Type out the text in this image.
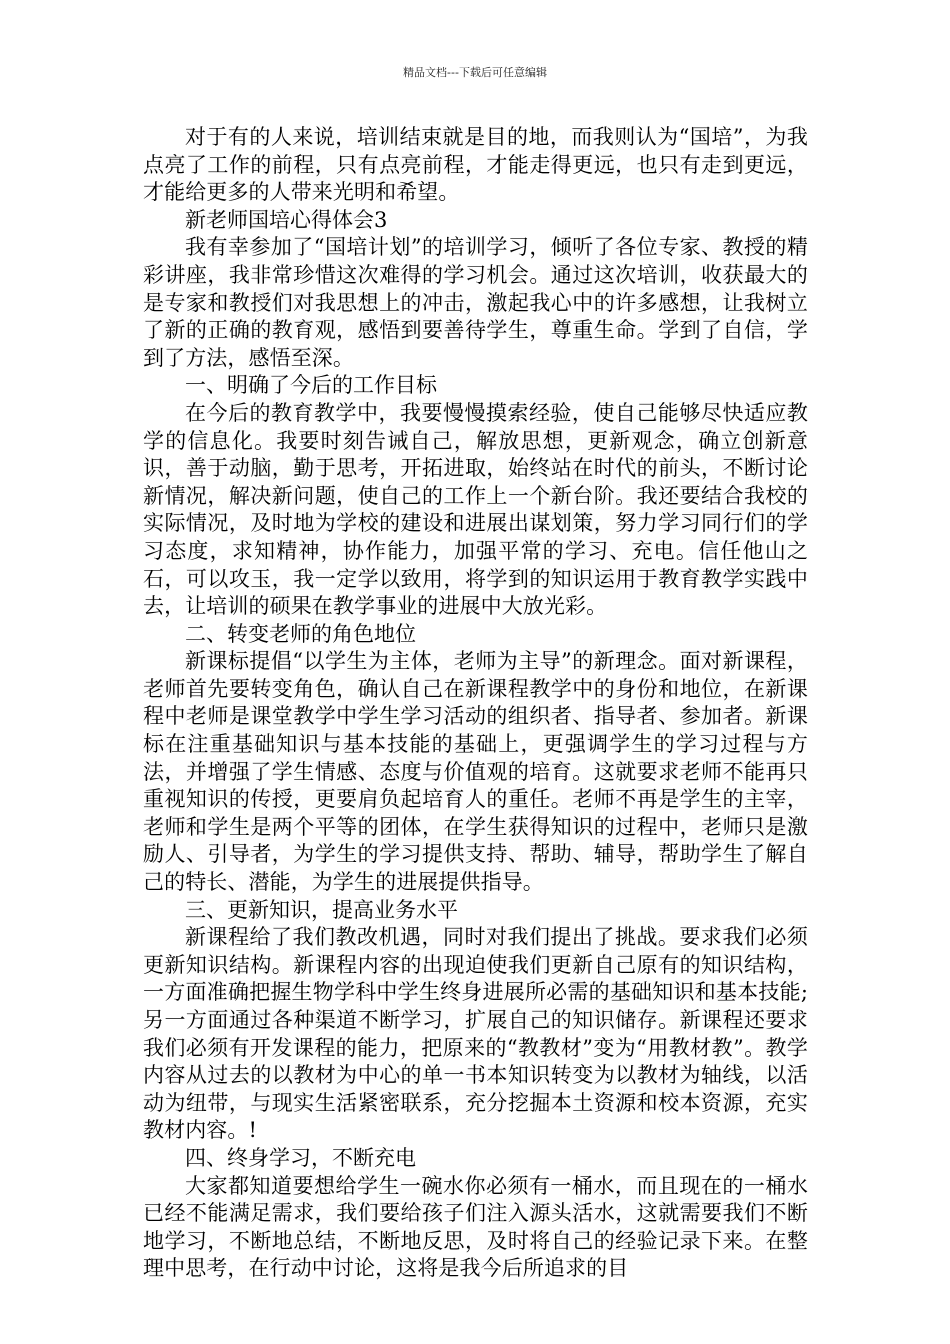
精品文档---下载后可任意编辑

对于有的人来说，培训结束就是目的地，而我则认为“国培”，为我点亮了工作的前程，只有点亮前程，才能走得更远，也只有走到更远，才能给更多的人带来光明和希望。

新老师国培心得体会3

我有幸参加了“国培计划”的培训学习，倾听了各位专家、教授的精彩讲座，我非常珍惜这次难得的学习机会。通过这次培训，收获最大的是专家和教授们对我思想上的冲击，激起我心中的许多感想，让我树立了新的正确的教育观，感悟到要善待学生，尊重生命。学到了自信，学到了方法，感悟至深。

一、明确了今后的工作目标

在今后的教育教学中，我要慢慢摸索经验，使自己能够尽快适应教学的信息化。我要时刻告诫自己，解放思想，更新观念，确立创新意识，善于动脑，勤于思考，开拓进取，始终站在时代的前头，不断讨论新情况，解决新问题，使自己的工作上一个新台阶。我还要结合我校的实际情况，及时地为学校的建设和进展出谋划策，努力学习同行们的学习态度，求知精神，协作能力，加强平常的学习、充电。信任他山之石，可以攻玉，我一定学以致用，将学到的知识运用于教育教学实践中去，让培训的硕果在教学事业的进展中大放光彩。

二、转变老师的角色地位

新课标提倡“以学生为主体，老师为主导”的新理念。面对新课程，老师首先要转变角色，确认自己在新课程教学中的身份和地位，在新课程中老师是课堂教学中学生学习活动的组织者、指导者、参加者。新课标在注重基础知识与基本技能的基础上，更强调学生的学习过程与方法，并增强了学生情感、态度与价值观的培育。这就要求老师不能再只重视知识的传授，更要肩负起培育人的重任。老师不再是学生的主宰，老师和学生是两个平等的团体，在学生获得知识的过程中，老师只是激励人、引导者，为学生的学习提供支持、帮助、辅导，帮助学生了解自己的特长、潜能，为学生的进展提供指导。

三、更新知识，提高业务水平

新课程给了我们教改机遇，同时对我们提出了挑战。要求我们必须更新知识结构。新课程内容的出现迫使我们更新自己原有的知识结构，一方面准确把握生物学科中学生终身进展所必需的基础知识和基本技能;另一方面通过各种渠道不断学习，扩展自己的知识储存。新课程还要求我们必须有开发课程的能力，把原来的“教教材”变为“用教材教”。教学内容从过去的以教材为中心的单一书本知识转变为以教材为轴线，以活动为纽带，与现实生活紧密联系，充分挖掘本土资源和校本资源，充实教材内容。!

四、终身学习，不断充电

大家都知道要想给学生一碗水你必须有一桶水，而且现在的一桶水已经不能满足需求，我们要给孩子们注入源头活水，这就需要我们不断地学习，不断地总结，不断地反思，及时将自己的经验记录下来。在整理中思考，在行动中讨论，这将是我今后所追求的目
